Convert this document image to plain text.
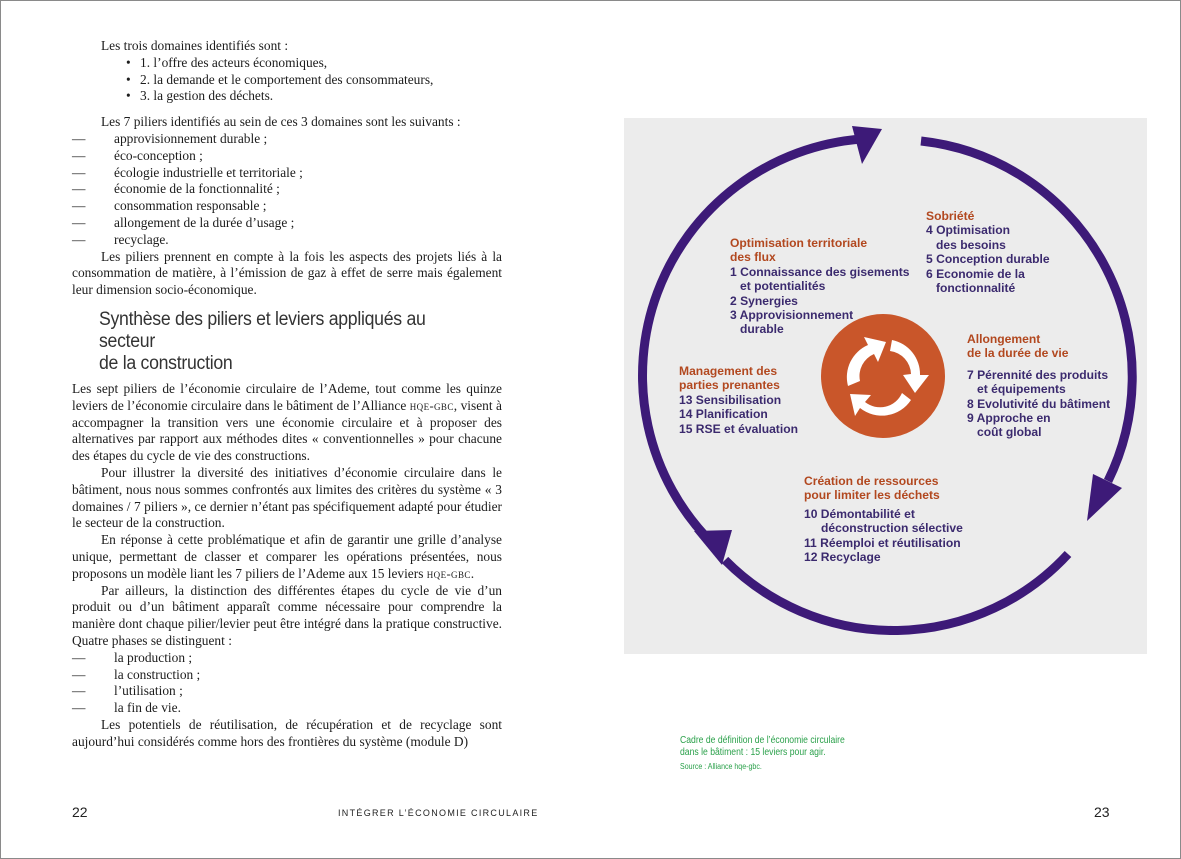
Les trois domaines identifiés sont :

• 1. l’offre des acteurs économiques,
• 2. la demande et le comportement des consommateurs,
• 3. la gestion des déchets.

Les 7 piliers identifiés au sein de ces 3 domaines sont les suivants :

— approvisionnement durable ;
— éco-conception ;
— écologie industrielle et territoriale ;
— économie de la fonctionnalité ;
— consommation responsable ;
— allongement de la durée d’usage ;
— recyclage.

Les piliers prennent en compte à la fois les aspects des projets liés à la consommation de matière, à l’émission de gaz à effet de serre mais également leur dimension socio-économique.

Synthèse des piliers et leviers appliqués au secteur
de la construction

Les sept piliers de l’économie circulaire de l’Ademe, tout comme les quinze leviers de l’économie circulaire dans le bâtiment de l’Alliance hqe-gbc, visent à accompagner la transition vers une économie circulaire et à proposer des alternatives par rapport aux méthodes dites « conventionnelles » pour chacune des étapes du cycle de vie des constructions.

Pour illustrer la diversité des initiatives d’économie circulaire dans le bâtiment, nous nous sommes confrontés aux limites des critères du système « 3 domaines / 7 piliers », ce dernier n’étant pas spécifiquement adapté pour étudier le secteur de la construction.

En réponse à cette problématique et afin de garantir une grille d’analyse unique, permettant de classer et comparer les opérations présentées, nous proposons un modèle liant les 7 piliers de l’Ademe aux 15 leviers hqe-gbc.

Par ailleurs, la distinction des différentes étapes du cycle de vie d’un produit ou d’un bâtiment apparaît comme nécessaire pour comprendre la manière dont chaque pilier/levier peut être intégré dans la pratique constructive. Quatre phases se distinguent :

— la production ;
— la construction ;
— l’utilisation ;
— la fin de vie.

Les potentiels de réutilisation, de récupération et de recyclage sont aujourd’hui considérés comme hors des frontières du système (module D)

Optimisation territoriale
des flux
1 Connaissance des gisements
et potentialités
2 Synergies
3 Approvisionnement
durable
Sobriété
4 Optimisation
des besoins
5 Conception durable
6 Economie de la
fonctionnalité
Allongement
de la durée de vie
7 Pérennité des produits
et équipements
8 Evolutivité du bâtiment
9 Approche en
coût global
Management des
parties prenantes
13 Sensibilisation
14 Planification
15 RSE et évaluation
Création de ressources
pour limiter les déchets
10 Démontabilité et
déconstruction sélective
11 Réemploi et réutilisation
12 Recyclage
Cadre de définition de l’économie circulaire
dans le bâtiment : 15 leviers pour agir.
Source : Alliance hqe-gbc.
22	INTÉGRER L’ÉCONOMIE CIRCULAIRE	23
